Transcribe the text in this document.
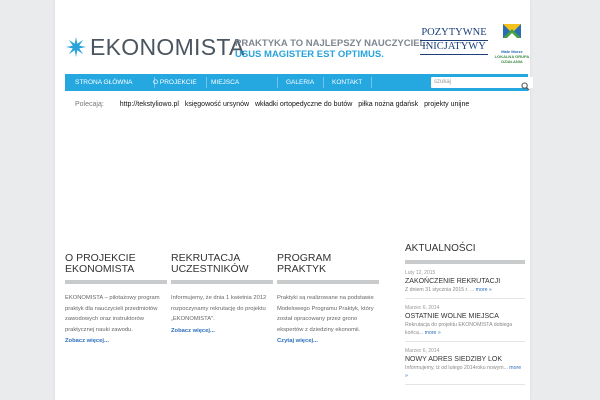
EKONOMISTA
PRAKTYKA TO NAJLEPSZY NAUCZYCIEL.
USUS MAGISTER EST OPTIMUS.
POZYTYWNE
INICJATYWY	Małe Morze
LOKALNA GRUPA
DZIAŁANIA
STRONA GŁÓWNA	O PROJEKCIE	MIEJSCA PRAKTYK
GALERIA	KONTAKT	szukaj
Polecają: http://tekstyliowo.pl księgowość ursynów wkładki ortopedyczne do butów piłka nożna gdańsk projekty unijne
O PROJEKCIE
EKONOMISTA

EKONOMISTA – pilotażowy program praktyk dla nauczycieli przedmiotów zawodowych oraz instruktorów praktycznej nauki zawodu.

Zobacz więcej...
REKRUTACJA
UCZESTNIKÓW

Informujemy, że dnia 1 kwietnia 2012 rozpoczynamy rekrutację do projektu „EKONOMISTA".

Zobacz więcej...
PROGRAM
PRAKTYK

Praktyki są realizowane na podstawie Modelowego Programu Praktyk, który został opracowany przez grono ekspertów z dziedziny ekonomii.

Czytaj więcej...
AKTUALNOŚCI
Luty 12, 2015
ZAKOŃCZENIE REKRUTACJI
Z dniem 31 stycznia 2015 r. ... more »
Marzec 6, 2014
OSTATNIE WOLNE MIEJSCA
Rekrutacja do projektu EKONOMISTA dobiega końca... more »
Marzec 6, 2014
NOWY ADRES SIEDZIBY LOK
Informujemy, iż od lutego 2014roku nowym... more »
